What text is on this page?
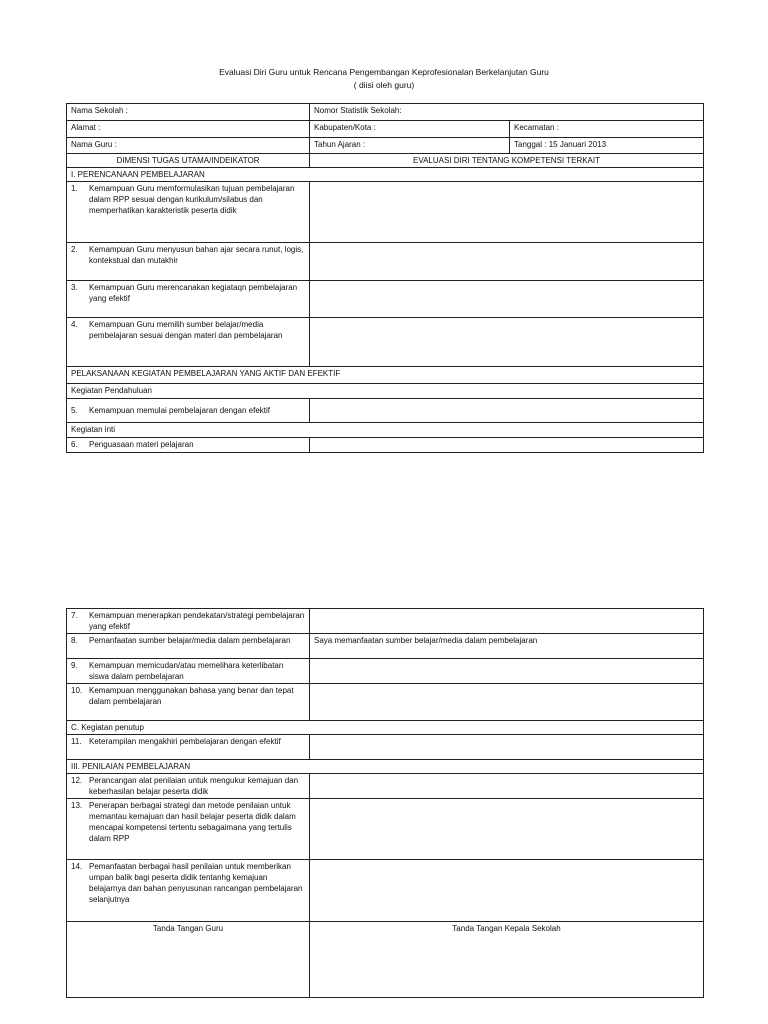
Evaluasi Diri Guru untuk Rencana Pengembangan Keprofesionalan Berkelanjutan Guru
( diisi oleh guru)
Nama Sekolah :	Nomor Statistik Sekolah:	
Alamat :	Kabupaten/Kota :	Kecamatan :
Nama Guru :	Tahun Ajaran :	Tanggal : 15 Januari 2013
DIMENSI TUGAS UTAMA/INDEIKATOR	EVALUASI DIRI TENTANG KOMPETENSI TERKAIT	
I. PERENCANAAN PEMBELAJARAN		

1. Kemampuan Guru memformulasikan tujuan pembelajaran dalam RPP sesuai dengan kurikulum/silabus dan memperhatikan karakteristik peserta didik		

2. Kemampuan Guru menyusun bahan ajar secara runut, logis, kontekstual dan mutakhir		

3. Kemampuan Guru merencanakan kegiataqn pembelajaran yang efektif		

4. Kemampuan Guru memilih sumber belajar/media pembelajaran sesuai dengan materi dan pembelajaran		

PELAKSANAAN KEGIATAN PEMBELAJARAN YANG AKTIF DAN EFEKTIF		
Kegiatan Pendahuluan		

5. Kemampuan memulai pembelajaran dengan efektif		

Kegiatan inti		

6. Penguasaan materi pelajaran		

7. Kemampuan menerapkan pendekatan/strategi pembelajaran yang efektif	

8. Pemanfaatan sumber belajar/media dalam pembelajaran	Saya memanfaatan sumber belajar/media dalam pembelajaran

9. Kemampuan memicudan/atau memelihara keterlibatan siswa dalam pembelajaran	

10. Kemampuan menggunakan bahasa yang benar dan tepat dalam pembelajaran	

C. Kegiatan penutup	

11. Keterampilan mengakhiri pembelajaran dengan efektif	

III. PENILAIAN PEMBELAJARAN	

12. Perancangan alat penilaian untuk mengukur kemajuan dan keberhasilan belajar peserta didik	

13. Penerapan berbagai strategi dan metode penilaian untuk memantau kemajuan dan hasil belajar peserta didik dalam mencapai kompetensi tertentu sebagaimana yang tertulis dalam RPP	

14. Pemanfaatan berbagai hasil penilaian untuk memberikan umpan balik bagi peserta didik tentanhg kemajuan belajarnya dan bahan penyusunan rancangan pembelajaran selanjutnya	

Tanda Tangan Guru	Tanda Tangan Kepala Sekolah
